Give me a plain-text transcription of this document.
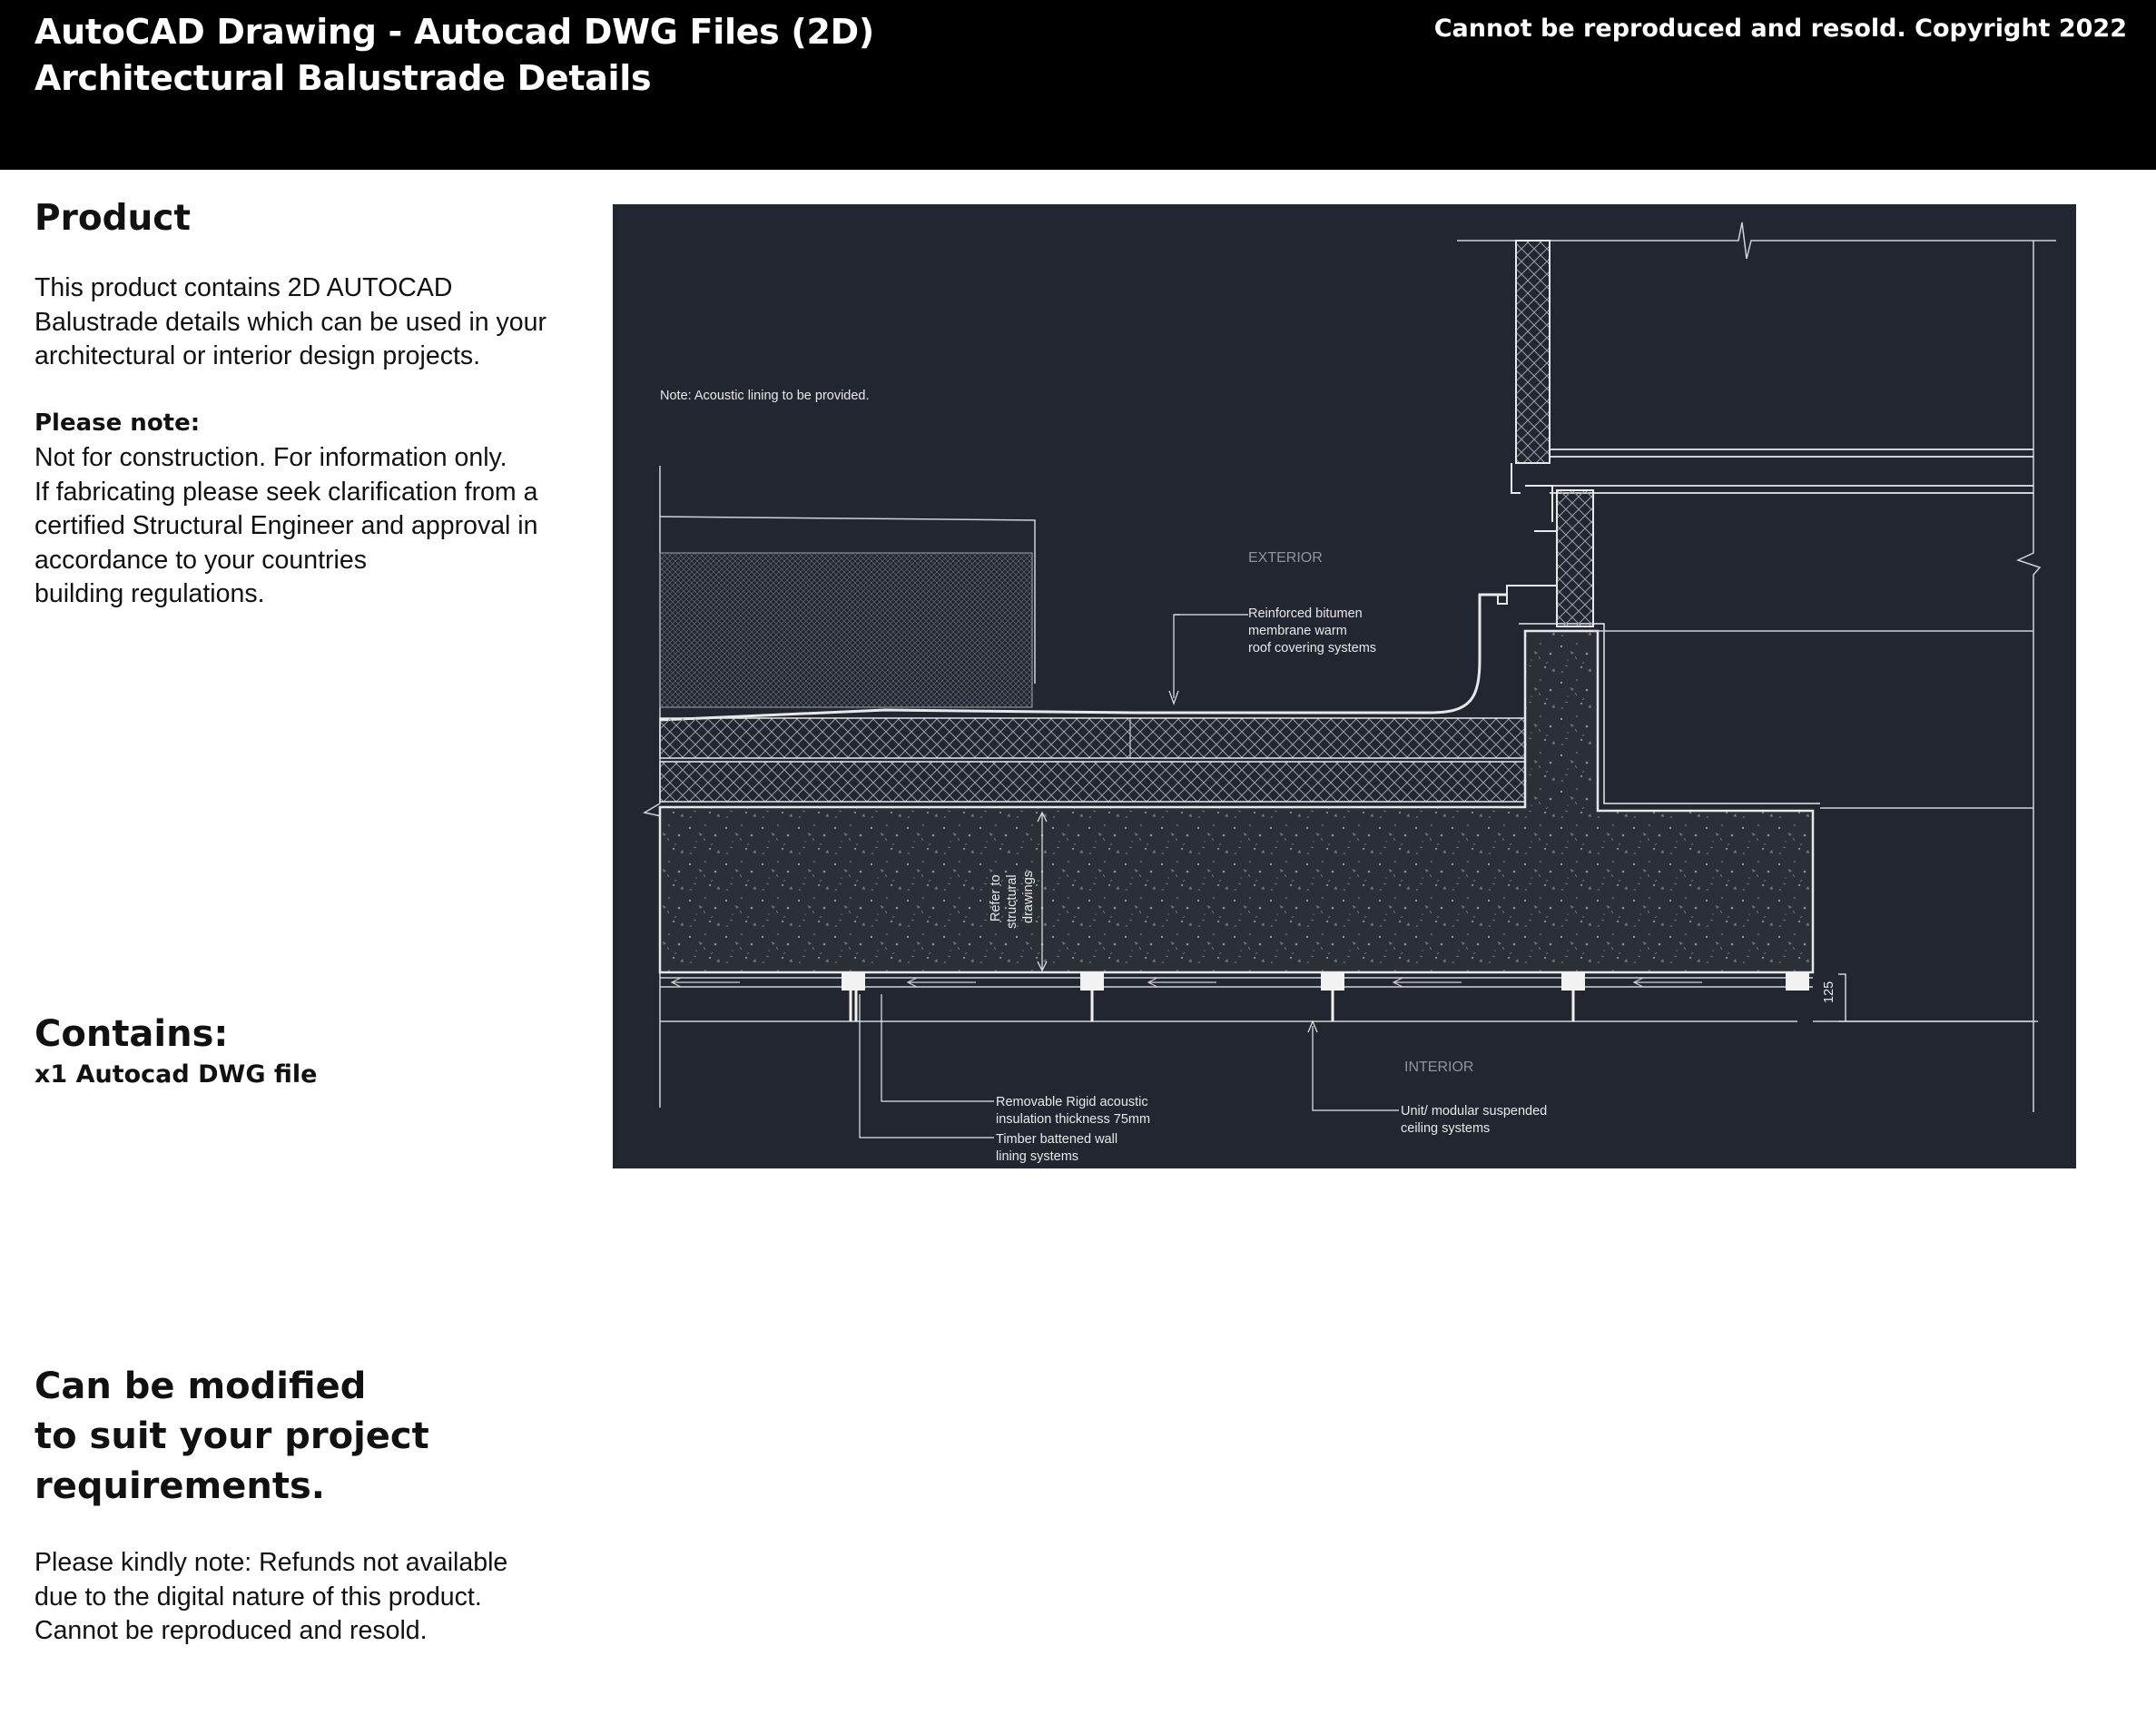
AutoCAD Drawing - Autocad DWG Files (2D)
Architectural Balustrade Details
Cannot be reproduced and resold. Copyright 2022
Product
This product contains 2D AUTOCAD
Balustrade details which can be used in your
architectural or interior design projects.
Please note:
Not for construction. For information only.
If fabricating please seek clarification from a
certified Structural Engineer and approval in
accordance to your countries
building regulations.
Contains:
x1 Autocad DWG file
Can be modified
to suit your project
requirements.
Please kindly note: Refunds not available
due to the digital nature of this product.
Cannot be reproduced and resold.
125
Refer to structural drawings
Note: Acoustic lining to be provided.
EXTERIOR
INTERIOR
Reinforced bitumen
membrane warm
roof covering systems
Removable Rigid acoustic
insulation thickness 75mm
Timber battened wall
lining systems
Unit/ modular suspended
ceiling systems
